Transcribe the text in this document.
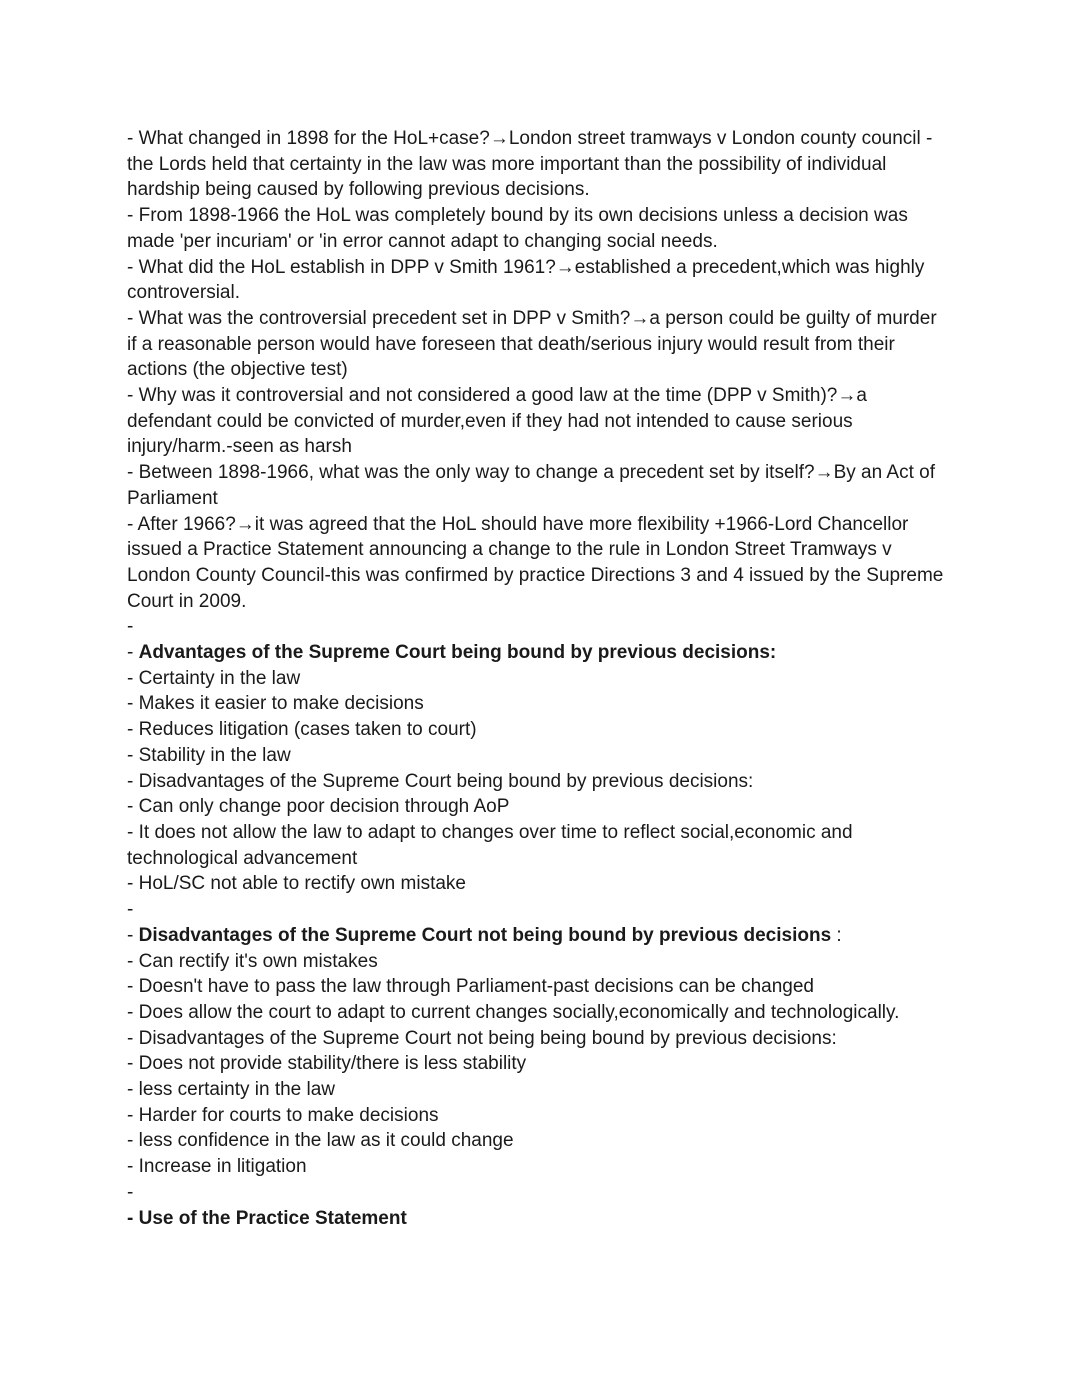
- What changed in 1898 for the HoL+case?→London street tramways v London county council -the Lords held that certainty in the law was more important than the possibility of individual hardship being caused by following previous decisions.

- From 1898-1966 the HoL was completely bound by its own decisions unless a decision was made 'per incuriam' or 'in error cannot adapt to changing social needs.

- What did the HoL establish in DPP v Smith 1961?→established a precedent,which was highly controversial.

- What was the controversial precedent set in DPP v Smith?→a person could be guilty of murder if a reasonable person would have foreseen that death/serious injury would result from their actions (the objective test)

- Why was it controversial and not considered a good law at the time (DPP v Smith)?→a defendant could be convicted of murder,even if they had not intended to cause serious injury/harm.-seen as harsh

- Between 1898-1966, what was the only way to change a precedent set by itself?→By an Act of Parliament

- After 1966?→it was agreed that the HoL should have more flexibility +1966-Lord Chancellor issued a Practice Statement announcing a change to the rule in London Street Tramways v London County Council-this was confirmed by practice Directions 3 and 4 issued by the Supreme Court in 2009.

-

- Advantages of the Supreme Court being bound by previous decisions:

- Certainty in the law

- Makes it easier to make decisions

- Reduces litigation (cases taken to court)

- Stability in the law

- Disadvantages of the Supreme Court being bound by previous decisions:

- Can only change poor decision through AoP

- It does not allow the law to adapt to changes over time to reflect social,economic and technological advancement

- HoL/SC not able to rectify own mistake

-

- Disadvantages of the Supreme Court not being bound by previous decisions :

- Can rectify it's own mistakes

- Doesn't have to pass the law through Parliament-past decisions can be changed

- Does allow the court to adapt to current changes socially,economically and technologically.

- Disadvantages of the Supreme Court not being being bound by previous decisions:

- Does not provide stability/there is less stability

- less certainty in the law

- Harder for courts to make decisions

- less confidence in the law as it could change

- Increase in litigation

-

- Use of the Practice Statement
